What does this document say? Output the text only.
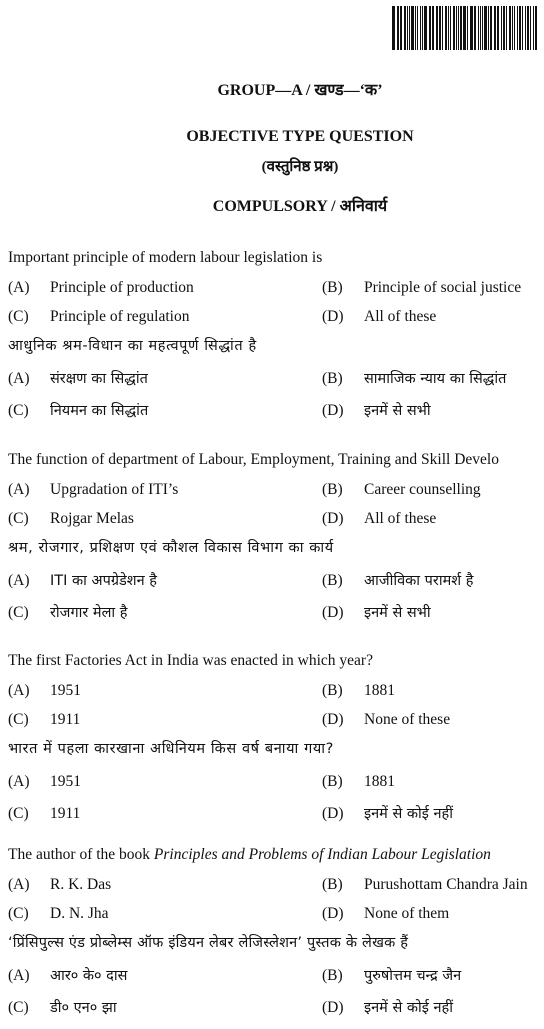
GROUP—A / खण्ड—‘क’
OBJECTIVE TYPE QUESTION
(वस्तुनिष्ठ प्रश्न)
COMPULSORY / अनिवार्य
Important principle of modern labour legislation is
(A) Principle of production	(B) Principle of social justice
(C) Principle of regulation	(D) All of these
आधुनिक श्रम-विधान का महत्वपूर्ण सिद्धांत है
(A) संरक्षण का सिद्धांत	(B) सामाजिक न्याय का सिद्धांत
(C) नियमन का सिद्धांत	(D) इनमें से सभी
The function of department of Labour, Employment, Training and Skill Develo
(A) Upgradation of ITI’s	(B) Career counselling
(C) Rojgar Melas	(D) All of these
श्रम, रोजगार, प्रशिक्षण एवं कौशल विकास विभाग का कार्य
(A) ITI का अपग्रेडेशन है	(B) आजीविका परामर्श है
(C) रोजगार मेला है	(D) इनमें से सभी
The first Factories Act in India was enacted in which year?
(A) 1951	(B) 1881
(C) 1911	(D) None of these
भारत में पहला कारखाना अधिनियम किस वर्ष बनाया गया?
(A) 1951	(B) 1881
(C) 1911	(D) इनमें से कोई नहीं
The author of the book Principles and Problems of Indian Labour Legislation
(A) R. K. Das	(B) Purushottam Chandra Jain
(C) D. N. Jha	(D) None of them
‘प्रिंसिपुल्स एंड प्रोब्लेम्स ऑफ इंडियन लेबर लेजिस्लेशन’ पुस्तक के लेखक हैं
(A) आर० के० दास	(B) पुरुषोत्तम चन्द्र जैन
(C) डी० एन० झा	(D) इनमें से कोई नहीं
